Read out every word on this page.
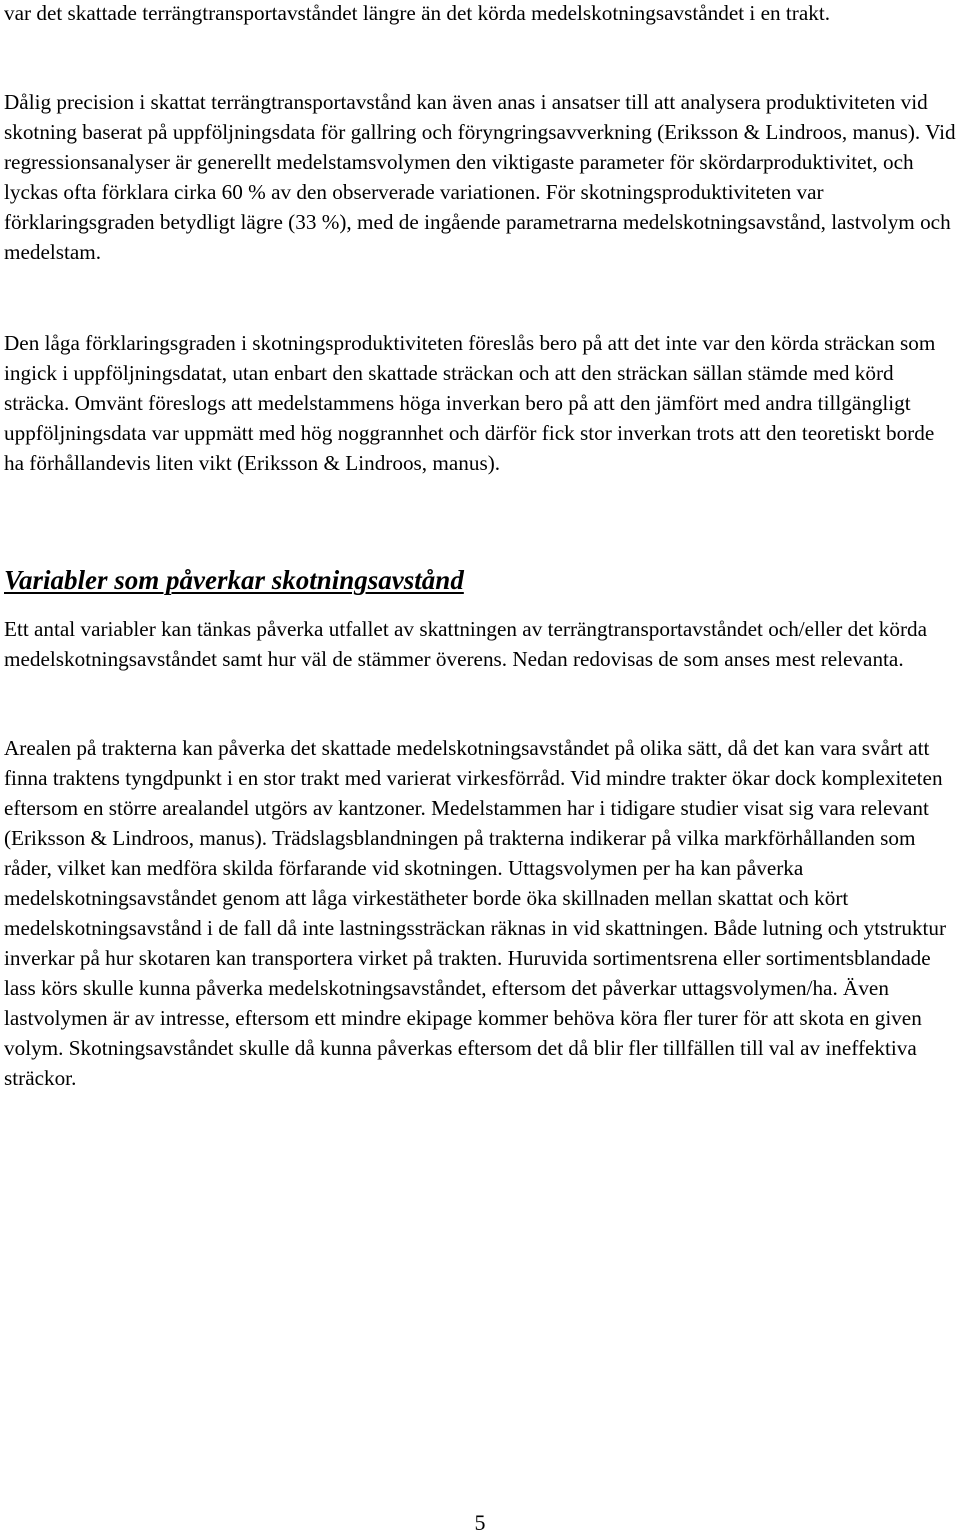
var det skattade terrängtransportavståndet längre än det körda medelskotningsavståndet i en trakt.

Dålig precision i skattat terrängtransportavstånd kan även anas i ansatser till att analysera produktiviteten vid skotning baserat på uppföljningsdata för gallring och föryngringsavverkning (Eriksson & Lindroos, manus). Vid regressionsanalyser är generellt medelstamsvolymen den viktigaste parameter för skördarproduktivitet, och lyckas ofta förklara cirka 60 % av den observerade variationen. För skotningsproduktiviteten var förklaringsgraden betydligt lägre (33 %), med de ingående parametrarna medelskotningsavstånd, lastvolym och medelstam.

Den låga förklaringsgraden i skotningsproduktiviteten föreslås bero på att det inte var den körda sträckan som ingick i uppföljningsdatat, utan enbart den skattade sträckan och att den sträckan sällan stämde med körd sträcka. Omvänt föreslogs att medelstammens höga inverkan bero på att den jämfört med andra tillgängligt uppföljningsdata var uppmätt med hög noggrannhet och därför fick stor inverkan trots att den teoretiskt borde ha förhållandevis liten vikt (Eriksson & Lindroos, manus).

Variabler som påverkar skotningsavstånd

Ett antal variabler kan tänkas påverka utfallet av skattningen av terrängtransportavståndet och/eller det körda medelskotningsavståndet samt hur väl de stämmer överens. Nedan redovisas de som anses mest relevanta.

Arealen på trakterna kan påverka det skattade medelskotningsavståndet på olika sätt, då det kan vara svårt att finna traktens tyngdpunkt i en stor trakt med varierat virkesförråd. Vid mindre trakter ökar dock komplexiteten eftersom en större arealandel utgörs av kantzoner. Medelstammen har i tidigare studier visat sig vara relevant (Eriksson & Lindroos, manus). Trädslagsblandningen på trakterna indikerar på vilka markförhållanden som råder, vilket kan medföra skilda förfarande vid skotningen. Uttagsvolymen per ha kan påverka medelskotningsavståndet genom att låga virkestätheter borde öka skillnaden mellan skattat och kört medelskotningsavstånd i de fall då inte lastningssträckan räknas in vid skattningen. Både lutning och ytstruktur inverkar på hur skotaren kan transportera virket på trakten. Huruvida sortimentsrena eller sortimentsblandade lass körs skulle kunna påverka medelskotningsavståndet, eftersom det påverkar uttagsvolymen/ha. Även lastvolymen är av intresse, eftersom ett mindre ekipage kommer behöva köra fler turer för att skota en given volym. Skotningsavståndet skulle då kunna påverkas eftersom det då blir fler tillfällen till val av ineffektiva sträckor.

5
